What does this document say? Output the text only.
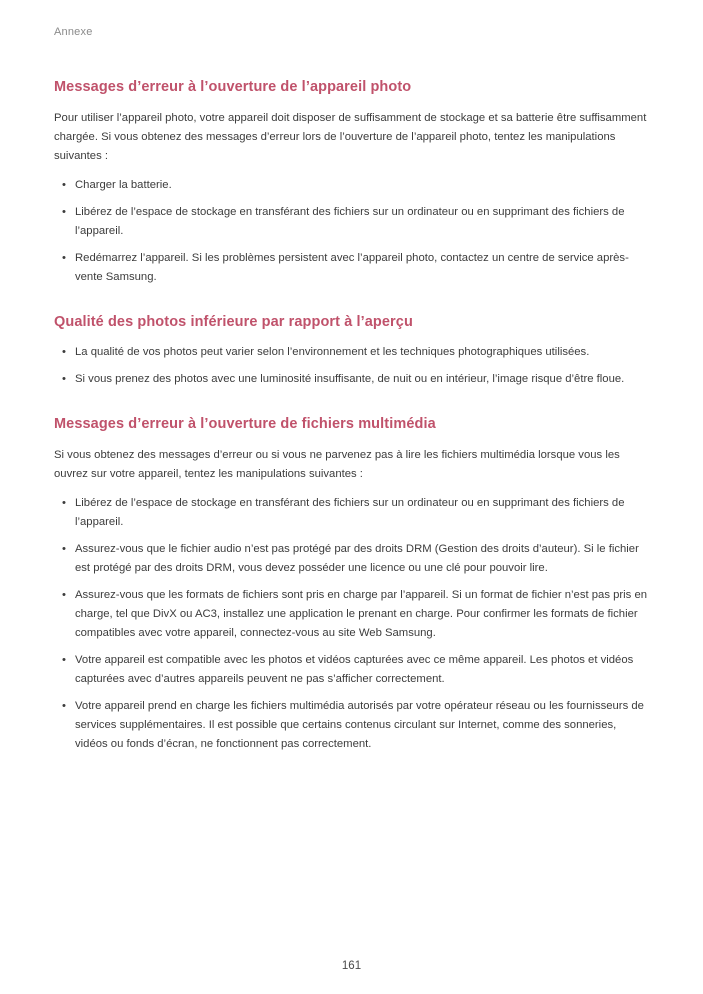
Annexe
Messages d’erreur à l’ouverture de l’appareil photo

Pour utiliser l’appareil photo, votre appareil doit disposer de suffisamment de stockage et sa batterie être suffisamment chargée. Si vous obtenez des messages d’erreur lors de l’ouverture de l’appareil photo, tentez les manipulations suivantes :

• Charger la batterie.
• Libérez de l’espace de stockage en transférant des fichiers sur un ordinateur ou en supprimant des fichiers de l’appareil.
• Redémarrez l’appareil. Si les problèmes persistent avec l’appareil photo, contactez un centre de service après-vente Samsung.
Qualité des photos inférieure par rapport à l’aperçu
• La qualité de vos photos peut varier selon l’environnement et les techniques photographiques utilisées.
• Si vous prenez des photos avec une luminosité insuffisante, de nuit ou en intérieur, l’image risque d’être floue.
Messages d’erreur à l’ouverture de fichiers multimédia

Si vous obtenez des messages d’erreur ou si vous ne parvenez pas à lire les fichiers multimédia lorsque vous les ouvrez sur votre appareil, tentez les manipulations suivantes :

• Libérez de l’espace de stockage en transférant des fichiers sur un ordinateur ou en supprimant des fichiers de l’appareil.
• Assurez-vous que le fichier audio n’est pas protégé par des droits DRM (Gestion des droits d’auteur). Si le fichier est protégé par des droits DRM, vous devez posséder une licence ou une clé pour pouvoir lire.
• Assurez-vous que les formats de fichiers sont pris en charge par l’appareil. Si un format de fichier n’est pas pris en charge, tel que DivX ou AC3, installez une application le prenant en charge. Pour confirmer les formats de fichier compatibles avec votre appareil, connectez-vous au site Web Samsung.
• Votre appareil est compatible avec les photos et vidéos capturées avec ce même appareil. Les photos et vidéos capturées avec d’autres appareils peuvent ne pas s’afficher correctement.
• Votre appareil prend en charge les fichiers multimédia autorisés par votre opérateur réseau ou les fournisseurs de services supplémentaires. Il est possible que certains contenus circulant sur Internet, comme des sonneries, vidéos ou fonds d’écran, ne fonctionnent pas correctement.
161
